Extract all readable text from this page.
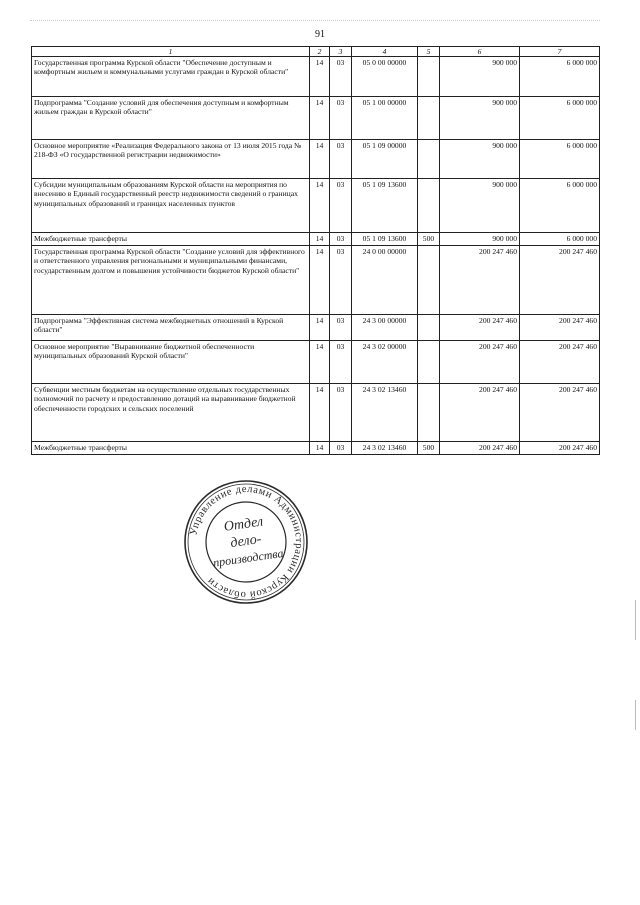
91
1	2	3	4	5	6	7
Государственная программа Курской области "Обеспечение доступным и комфортным жильем и коммунальными услугами граждан в Курской области"	14	03	05 0 00 00000		900 000	6 000 000
Подпрограмма "Создание условий для обеспечения доступным и комфортным жильем граждан в Курской области"	14	03	05 1 00 00000		900 000	6 000 000
Основное мероприятие «Реализация Федерального закона от 13 июля 2015 года № 218-ФЗ «О государственной регистрации недвижимости»	14	03	05 1 09 00000		900 000	6 000 000
Субсидии муниципальным образованиям Курской области на мероприятия по внесению в Единый государственный реестр недвижимости сведений о границах муниципальных образований и границах населенных пунктов	14	03	05 1 09 13600		900 000	6 000 000
Межбюджетные трансферты	14	03	05 1 09 13600	500	900 000	6 000 000
Государственная программа Курской области "Создание условий для эффективного и ответственного управления региональными и муниципальными финансами, государственным долгом и повышения устойчивости бюджетов Курской области"	14	03	24 0 00 00000		200 247 460	200 247 460
Подпрограмма "Эффективная система межбюджетных отношений в Курской области"	14	03	24 3 00 00000		200 247 460	200 247 460
Основное мероприятие "Выравнивание бюджетной обеспеченности муниципальных образований Курской области"	14	03	24 3 02 00000		200 247 460	200 247 460
Субвенции местным бюджетам на осуществление отдельных государственных полномочий по расчету и предоставлению дотаций на выравнивание бюджетной обеспеченности городских и сельских поселений	14	03	24 3 02 13460		200 247 460	200 247 460
Межбюджетные трансферты	14	03	24 3 02 13460	500	200 247 460	200 247 460
Управление делами Администрации Курской области
Отдел
дело-
производства
